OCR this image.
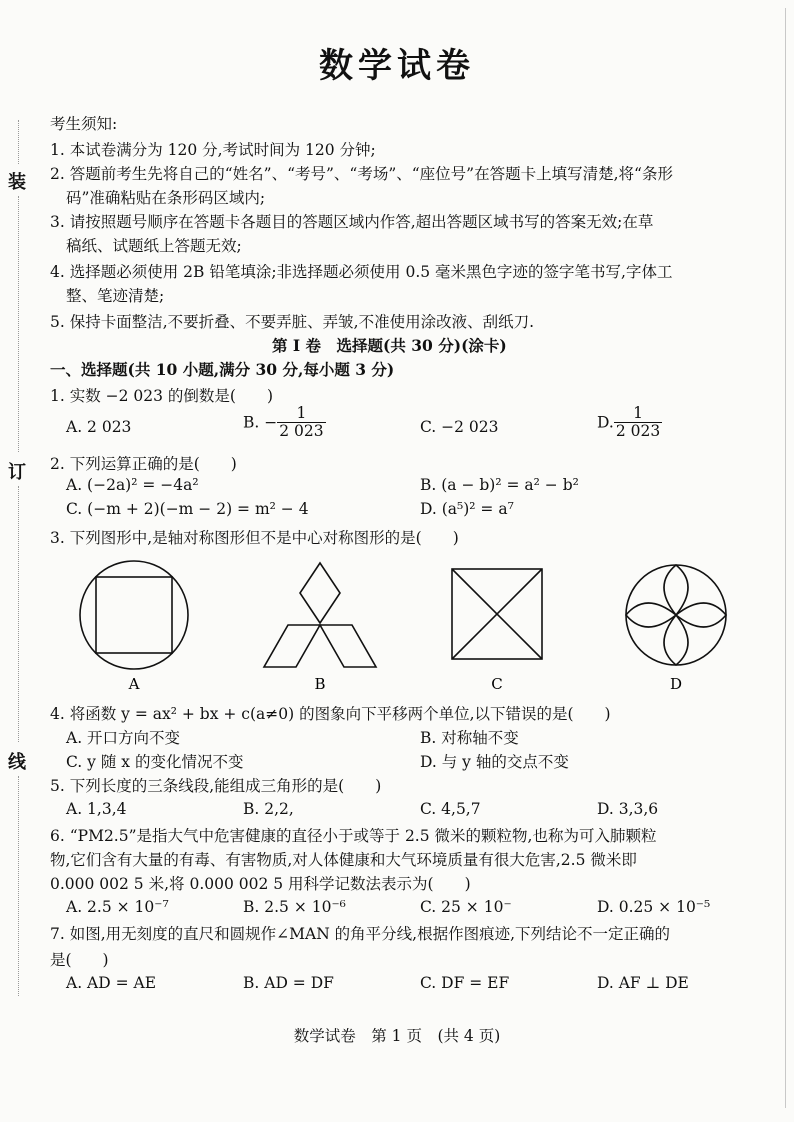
装
订
线
数学试卷
考生须知:
1. 本试卷满分为 120 分,考试时间为 120 分钟;
2. 答题前考生先将自己的“姓名”、“考号”、“考场”、“座位号”在答题卡上填写清楚,将“条形
码”准确粘贴在条形码区域内;
3. 请按照题号顺序在答题卡各题目的答题区域内作答,超出答题区域书写的答案无效;在草
稿纸、试题纸上答题无效;
4. 选择题必须使用 2B 铅笔填涂;非选择题必须使用 0.5 毫米黑色字迹的签字笔书写,字体工
整、笔迹清楚;
5. 保持卡面整洁,不要折叠、不要弄脏、弄皱,不准使用涂改液、刮纸刀.
第 I 卷　选择题(共 30 分)(涂卡)
一、选择题(共 10 小题,满分 30 分,每小题 3 分)
1. 实数 −2 023 的倒数是(　　)
A. 2 023	B. − $\frac{1}{2 023}$	C. −2 023	D. $\frac{1}{2 023}$
2. 下列运算正确的是(　　)
A. (−2a)² = −4a²	B. (a − b)² = a² − b²
C. (−m + 2)(−m − 2) = m² − 4	D. (a⁵)² = a⁷
3. 下列图形中,是轴对称图形但不是中心对称图形的是(　　)
A	B	C	D
4. 将函数 y = ax² + bx + c(a≠0) 的图象向下平移两个单位,以下错误的是(　　)
A. 开口方向不变	B. 对称轴不变
C. y 随 x 的变化情况不变	D. 与 y 轴的交点不变
5. 下列长度的三条线段,能组成三角形的是(　　)
A. 1,3,4	B. 2,2,	C. 4,5,7	D. 3,3,6
6. “PM2.5”是指大气中危害健康的直径小于或等于 2.5 微米的颗粒物,也称为可入肺颗粒
物,它们含有大量的有毒、有害物质,对人体健康和大气环境质量有很大危害,2.5 微米即
0.000 002 5 米,将 0.000 002 5 用科学记数法表示为(　　)
A. 2.5 × 10⁻⁷	B. 2.5 × 10⁻⁶	C. 25 × 10⁻	D. 0.25 × 10⁻⁵
7. 如图,用无刻度的直尺和圆规作∠MAN 的角平分线,根据作图痕迹,下列结论不一定正确的
是(　　)
A. AD = AE	B. AD = DF	C. DF = EF	D. AF ⊥ DE
数学试卷　第 1 页　(共 4 页)
